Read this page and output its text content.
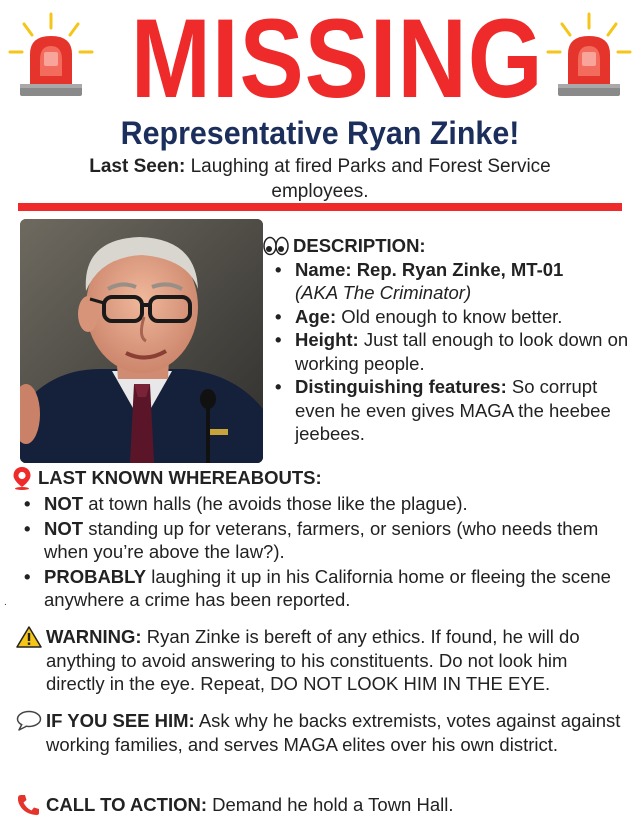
MISSING
Representative Ryan Zinke!
Last Seen: Laughing at fired Parks and Forest Service employees.
DESCRIPTION:
• Name: Rep. Ryan Zinke, MT-01
(AKA The Criminator)
• Age: Old enough to know better.
• Height: Just tall enough to look down on working people.
• Distinguishing features: So corrupt even he even gives MAGA the heebee jeebees.
LAST KNOWN WHEREABOUTS:
• NOT at town halls (he avoids those like the plague).
• NOT standing up for veterans, farmers, or seniors (who needs them when you’re above the law?).
• PROBABLY laughing it up in his California home or fleeing the scene anywhere a crime has been reported.
.
WARNING: Ryan Zinke is bereft of any ethics. If found, he will do anything to avoid answering to his constituents. Do not look him directly in the eye. Repeat, DO NOT LOOK HIM IN THE EYE.
IF YOU SEE HIM: Ask why he backs extremists, votes against against working families, and serves MAGA elites over his own district.
CALL TO ACTION: Demand he hold a Town Hall.
